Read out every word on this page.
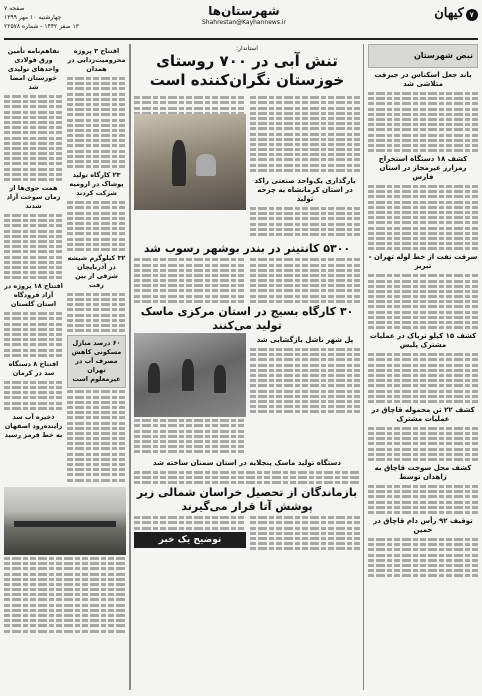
۷کیهان
شهرستان‌ها
Shahrestan@Kayhannews.ir
صفحه ۷
چهارشنبه ۱۰ مهر ۱۳۹۹
۱۳ صفر ۱۴۴۲ - شماره ۲۲۵۷۸
نبض شهرستان
باند جعل اسکناس در جیرفت متلاشی شد
کشف ۱۸ دستگاه استخراج رمزارز غیرمجاز در استان فارس
سرقت نفت از خط لوله تهران - تبریز
کشف ۱۵ کیلو تریاک در عملیات مشترک پلیس
کشف ۲۲ تن محموله قاچاق در عملیات مشترک
کشف محل سوخت قاچاق به زاهدان توسط
توقیف ۹۲ رأس دام قاچاق در خمین
استاندار:
تنش آبی در ۷۰۰ روستای خوزستان نگران‌کننده است
بارگذاری یک‌واحد صنعتی راکد در استان کرمانشاه به چرخه تولید
۵۳۰۰ کانتینر در بندر بوشهر رسوب شد
۳۰ کارگاه بسیج در استان مرکزی ماسک تولید می‌کنند
پل شهر ناشل بازگشایی شد
دستگاه تولید ماسک پنجلایه در استان سمنان ساخته شد
بازماندگان از تحصیل خراسان شمالی زیر پوشش آتا قرار می‌گیرند
توضیح یک خبر
افتتاح ۳ پروژه محرومیت‌زدایی در همدان
۲۳ کارگاه تولید پوشاک در ارومیه شرکت کردند
۳۲ کیلوگرم شیشه در آذربایجان شرقی از بین رفت
۶۰ درصد منازل مسکونی کاهش مصرف آب در تهران غیرمعلوم است
تفاهم‌نامه تأمین ورق فولادی واحدهای تولیدی خوزستان امضا شد
همت جوی‌ها از زمان سوخت آزاد شدند
افتتاح ۱۸ پروژه در آزاد فرودگاه استان گلستان
افتتاح ۸ دستگاه سد در کرمان
ذخیره آب سد زاینده‌رود اصفهان به خط قرمز رسید
